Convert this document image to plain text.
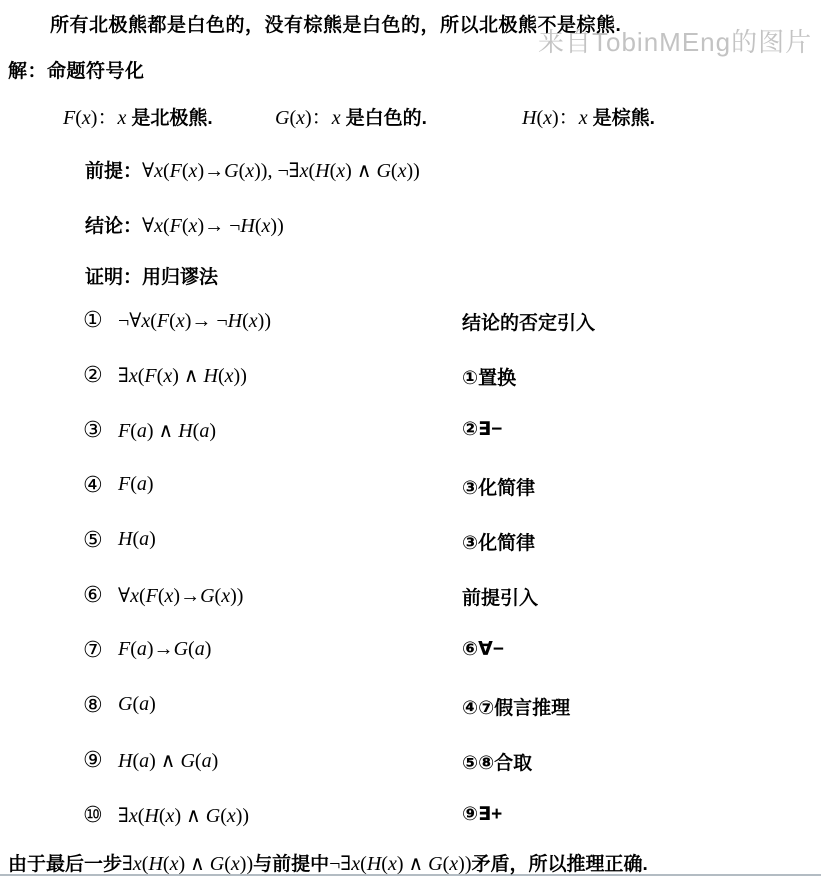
来自TobinMEng的图片
所有北极熊都是白色的，没有棕熊是白色的，所以北极熊不是棕熊.
解：命题符号化
F(x)：x 是北极熊.	G(x)：x 是白色的.	H(x)：x 是棕熊.
前提：∀x(F(x)→G(x)), ¬∃x(H(x) ∧ G(x))
结论：∀x(F(x)→ ¬H(x))
证明：用归谬法
① ¬∀x(F(x)→ ¬H(x))	结论的否定引入
② ∃x(F(x) ∧ H(x))	①置换
③ F(a) ∧ H(a)	②∃−
④ F(a)	③化简律
⑤ H(a)	③化简律
⑥ ∀x(F(x)→G(x))	前提引入
⑦ F(a)→G(a)	⑥∀−
⑧ G(a)	④⑦假言推理
⑨ H(a) ∧ G(a)	⑤⑧合取
⑩ ∃x(H(x) ∧ G(x))	⑨∃+
由于最后一步∃x(H(x) ∧ G(x))与前提中¬∃x(H(x) ∧ G(x))矛盾，所以推理正确.
